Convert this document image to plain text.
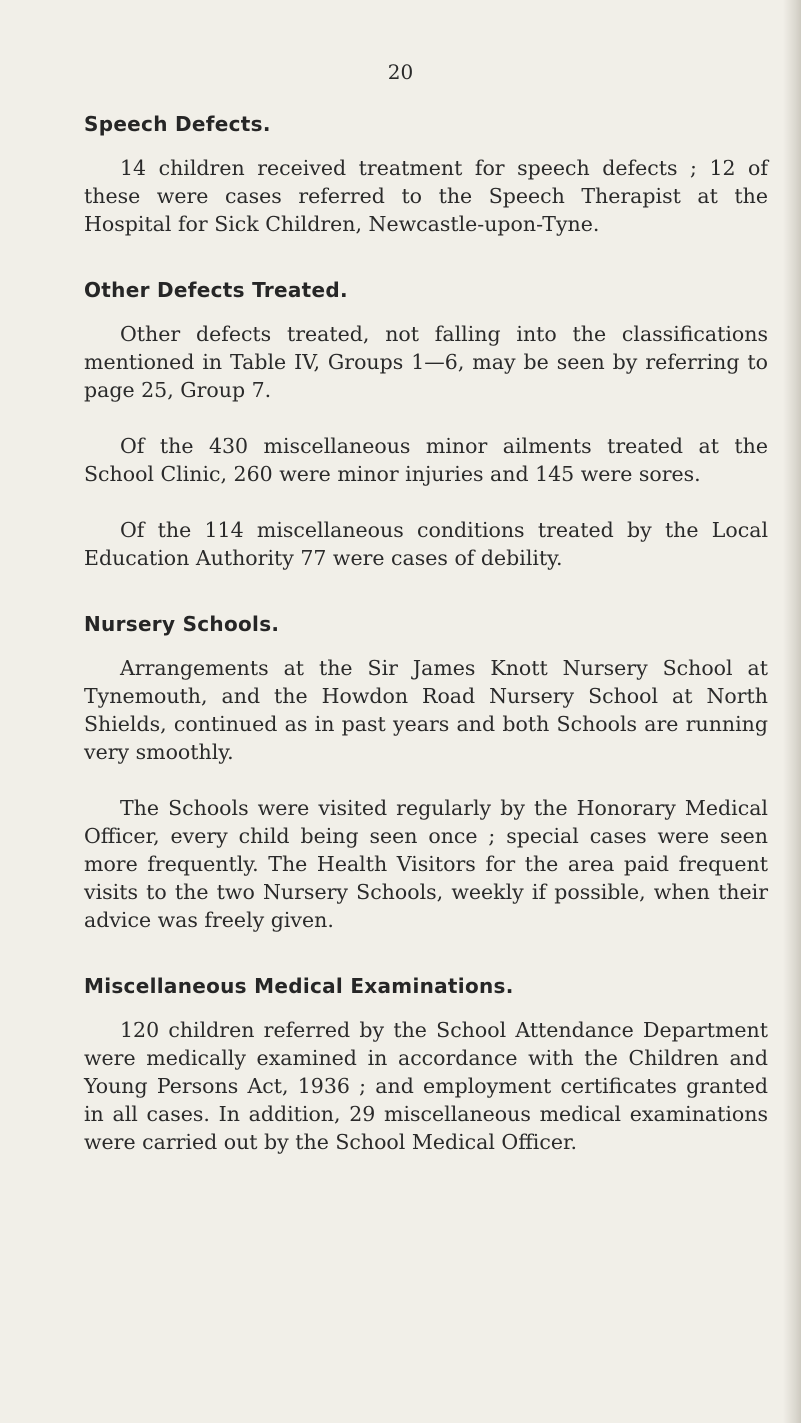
20
Speech Defects.

14 children received treatment for speech defects ; 12 of these were cases referred to the Speech Therapist at the Hospital for Sick Children, Newcastle-upon-Tyne.

Other Defects Treated.

Other defects treated, not falling into the classifications mentioned in Table IV, Groups 1—6, may be seen by referring to page 25, Group 7.

Of the 430 miscellaneous minor ailments treated at the School Clinic, 260 were minor injuries and 145 were sores.

Of the 114 miscellaneous conditions treated by the Local Education Authority 77 were cases of debility.

Nursery Schools.

Arrangements at the Sir James Knott Nursery School at Tynemouth, and the Howdon Road Nursery School at North Shields, continued as in past years and both Schools are running very smoothly.

The Schools were visited regularly by the Honorary Medical Officer, every child being seen once ; special cases were seen more frequently. The Health Visitors for the area paid frequent visits to the two Nursery Schools, weekly if possible, when their advice was freely given.

Miscellaneous Medical Examinations.

120 children referred by the School Attendance Department were medically examined in accordance with the Children and Young Persons Act, 1936 ; and employment certificates granted in all cases. In addition, 29 miscellaneous medical examinations were carried out by the School Medical Officer.
